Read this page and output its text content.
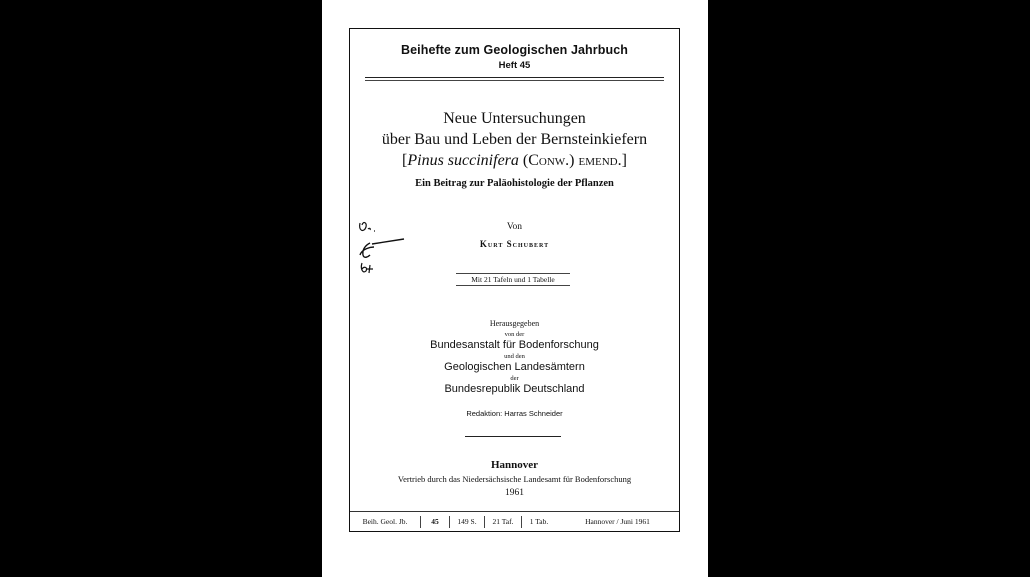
Beihefte zum Geologischen Jahrbuch
Heft 45
Neue Untersuchungen
über Bau und Leben der Bernsteinkiefern
[Pinus succinifera (Conw.) emend.]
Ein Beitrag zur Paläohistologie der Pflanzen
Von
Kurt Schubert
Mit 21 Tafeln und 1 Tabelle
Herausgegeben
von der
Bundesanstalt für Bodenforschung
und den
Geologischen Landesämtern
der
Bundesrepublik Deutschland
Redaktion: Harras Schneider
Hannover
Vertrieb durch das Niedersächsische Landesamt für Bodenforschung
1961
Beih. Geol. Jb.	45	149 S.	21 Taf.	1 Tab.	Hannover / Juni 1961
